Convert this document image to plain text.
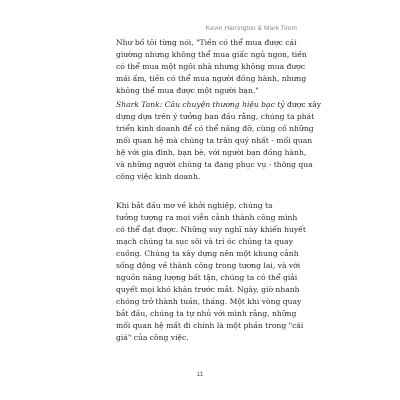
Kevin Harrington & Mark Timm
Như bố tôi từng nói, "Tiền có thể mua được cái
giường nhưng không thể mua giấc ngủ ngon, tiền
có thể mua một ngôi nhà nhưng không mua được
mái ấm, tiền có thể mua người đồng hành, nhưng
không thể mua được một người bạn."
Shark Tank: Câu chuyện thương hiệu bạc tỷ được xây
dựng dựa trên ý tưởng ban đầu rằng, chúng ta phát
triển kinh doanh để có thể nâng đỡ, cùng cố những
mối quan hệ mà chúng ta trân quý nhất - mối quan
hệ với gia đình, bạn bè, với người bạn đồng hành,
và những người chúng ta đang phục vụ - thông qua
công việc kinh doanh.
Khi bắt đầu mơ về khởi nghiệp, chúng ta
tưởng tượng ra mọi viễn cảnh thành công mình
có thể đạt được. Những suy nghĩ này khiến huyết
mạch chúng ta sục sôi và trí óc chúng ta quay
cuồng. Chúng ta xây dựng nên một khung cảnh
sống động về thành công trong tương lai, và với
nguồn năng lượng bất tận, chúng ta có thể giải
quyết mọi khó khăn trước mắt. Ngày, giờ nhanh
chóng trở thành tuần, tháng. Một khi vòng quay
bắt đầu, chúng ta tự nhủ với mình rằng, những
mối quan hệ mất đi chính là một phần trong "cái
giá" của công việc.
11
